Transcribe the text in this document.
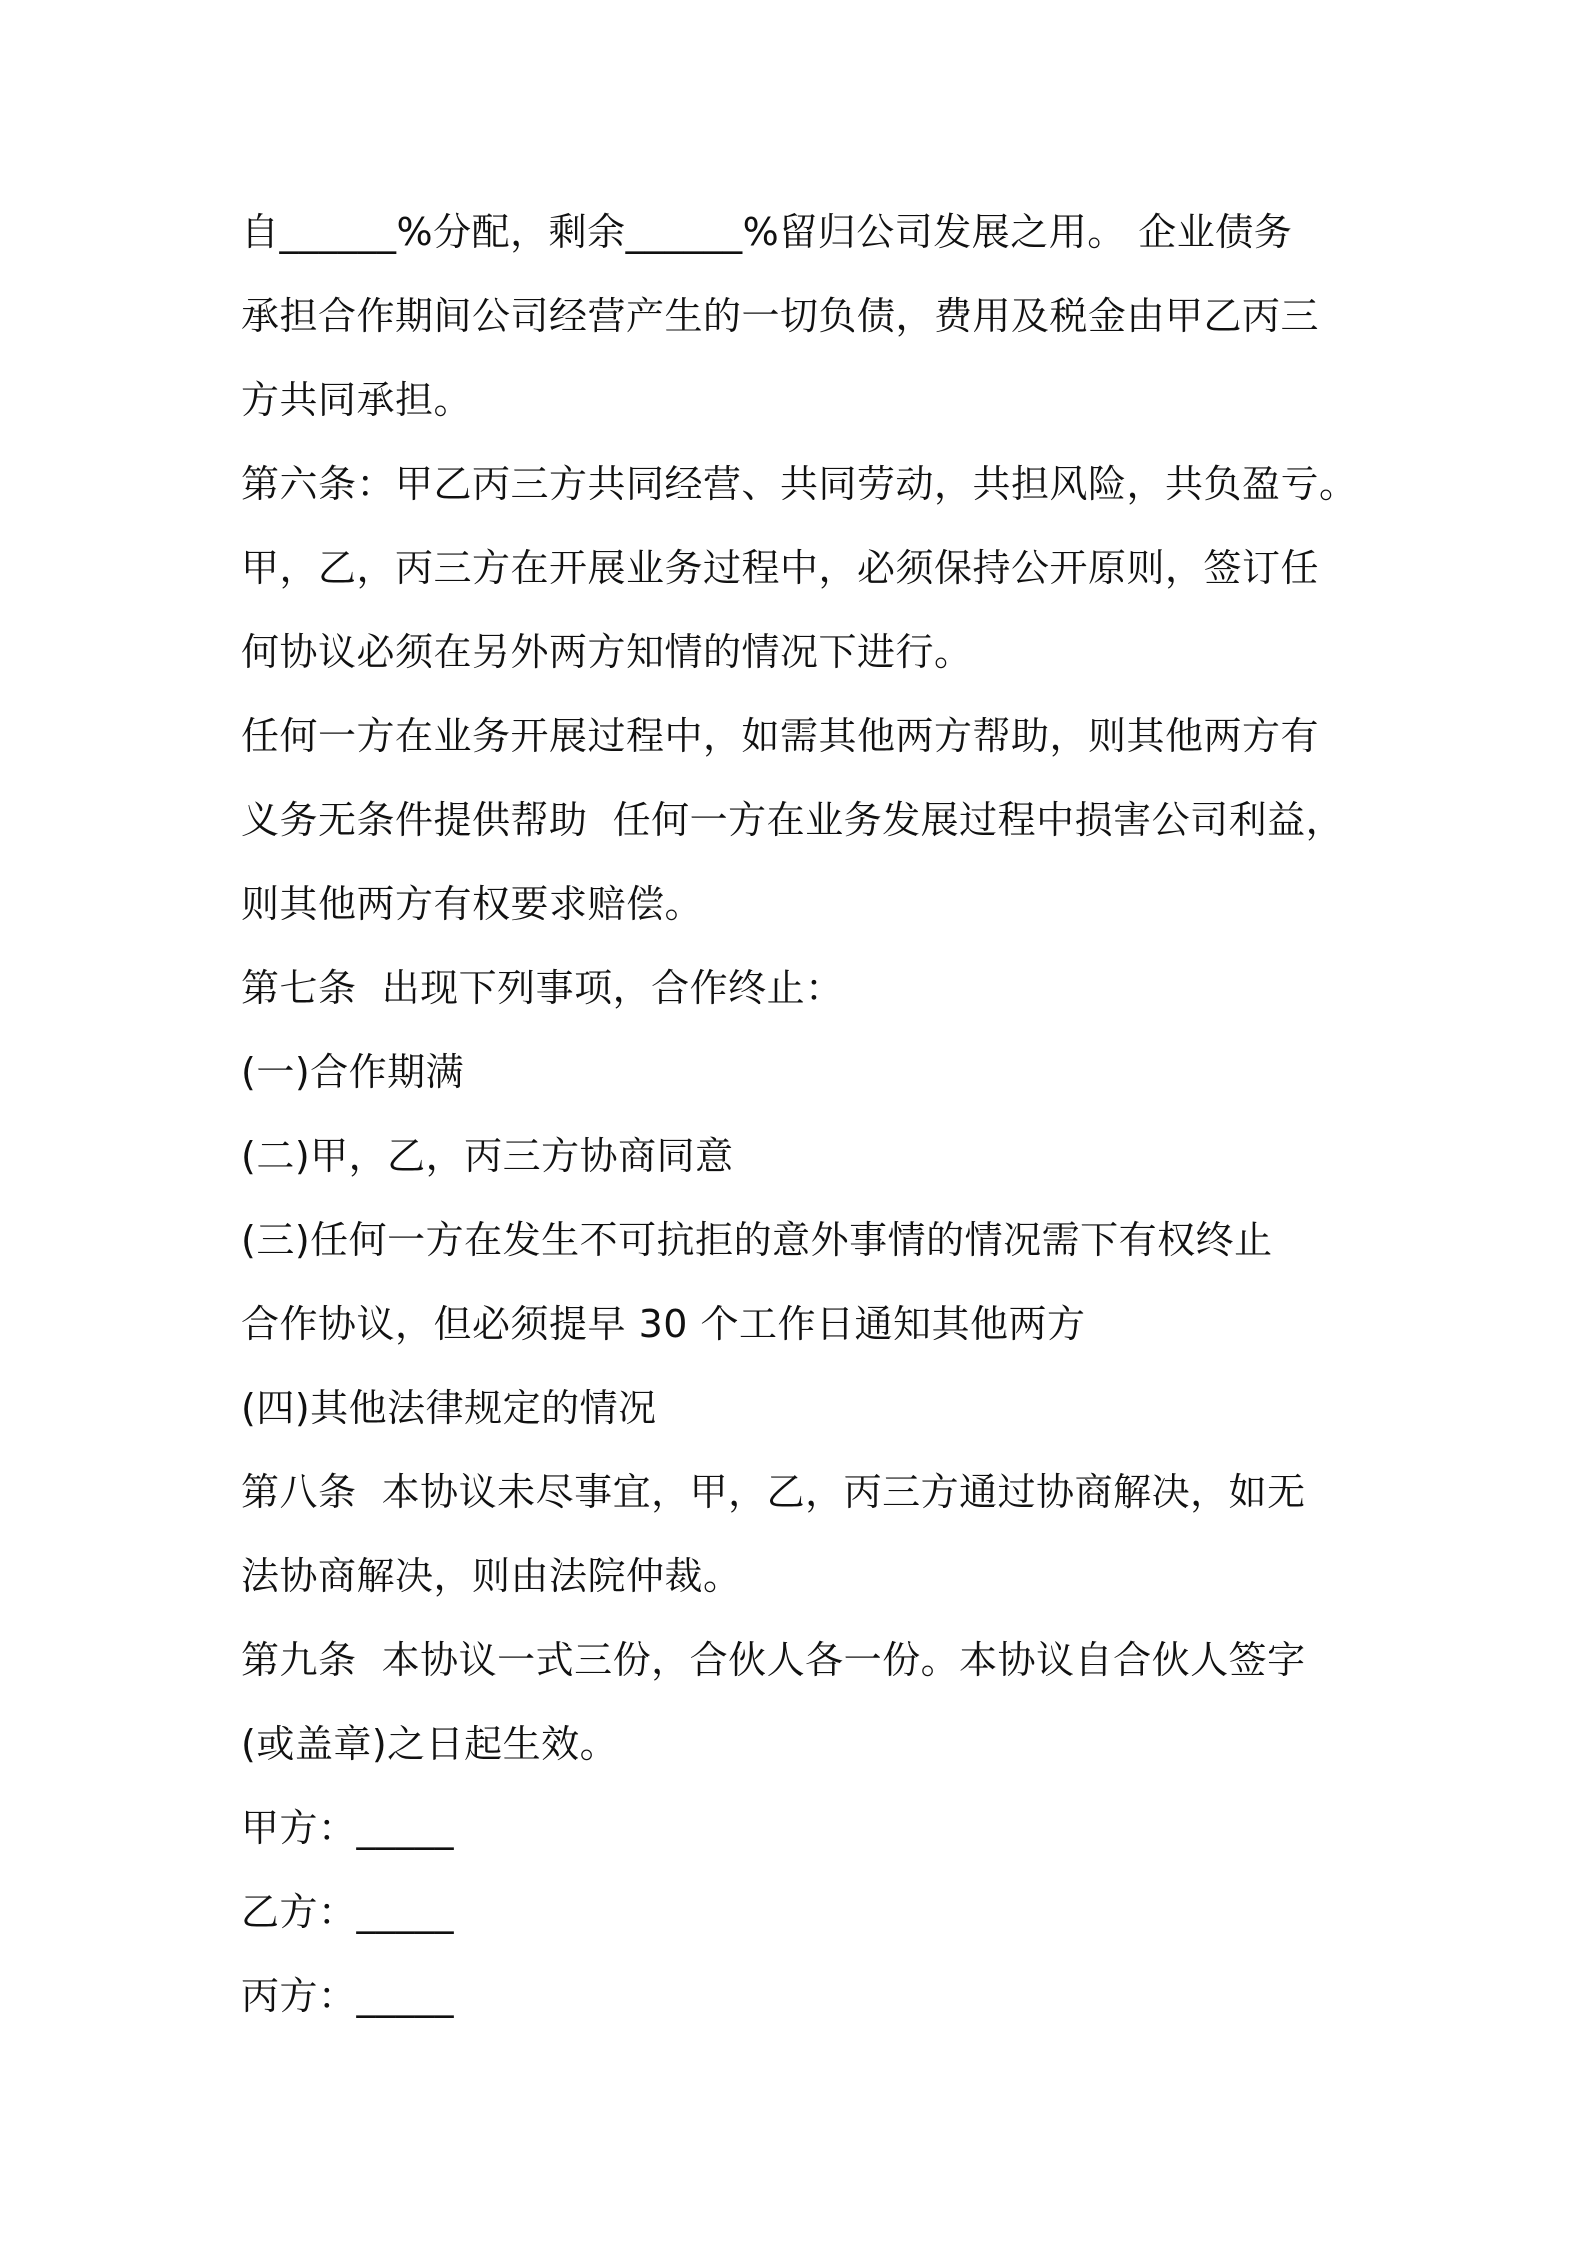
自______%分配，剩余______%留归公司发展之用。 企业债务
承担合作期间公司经营产生的一切负债，费用及税金由甲乙丙三
方共同承担。
第六条：甲乙丙三方共同经营、共同劳动，共担风险，共负盈亏。
甲，乙，丙三方在开展业务过程中，必须保持公开原则，签订任
何协议必须在另外两方知情的情况下进行。
任何一方在业务开展过程中，如需其他两方帮助，则其他两方有
义务无条件提供帮助  任何一方在业务发展过程中损害公司利益，
则其他两方有权要求赔偿。
第七条  出现下列事项，合作终止：
(一)合作期满
(二)甲，乙，丙三方协商同意
(三)任何一方在发生不可抗拒的意外事情的情况需下有权终止
合作协议，但必须提早 30 个工作日通知其他两方
(四)其他法律规定的情况
第八条  本协议未尽事宜，甲，乙，丙三方通过协商解决，如无
法协商解决，则由法院仲裁。
第九条  本协议一式三份，合伙人各一份。本协议自合伙人签字
(或盖章)之日起生效。
甲方：_____
乙方：_____
丙方：_____
